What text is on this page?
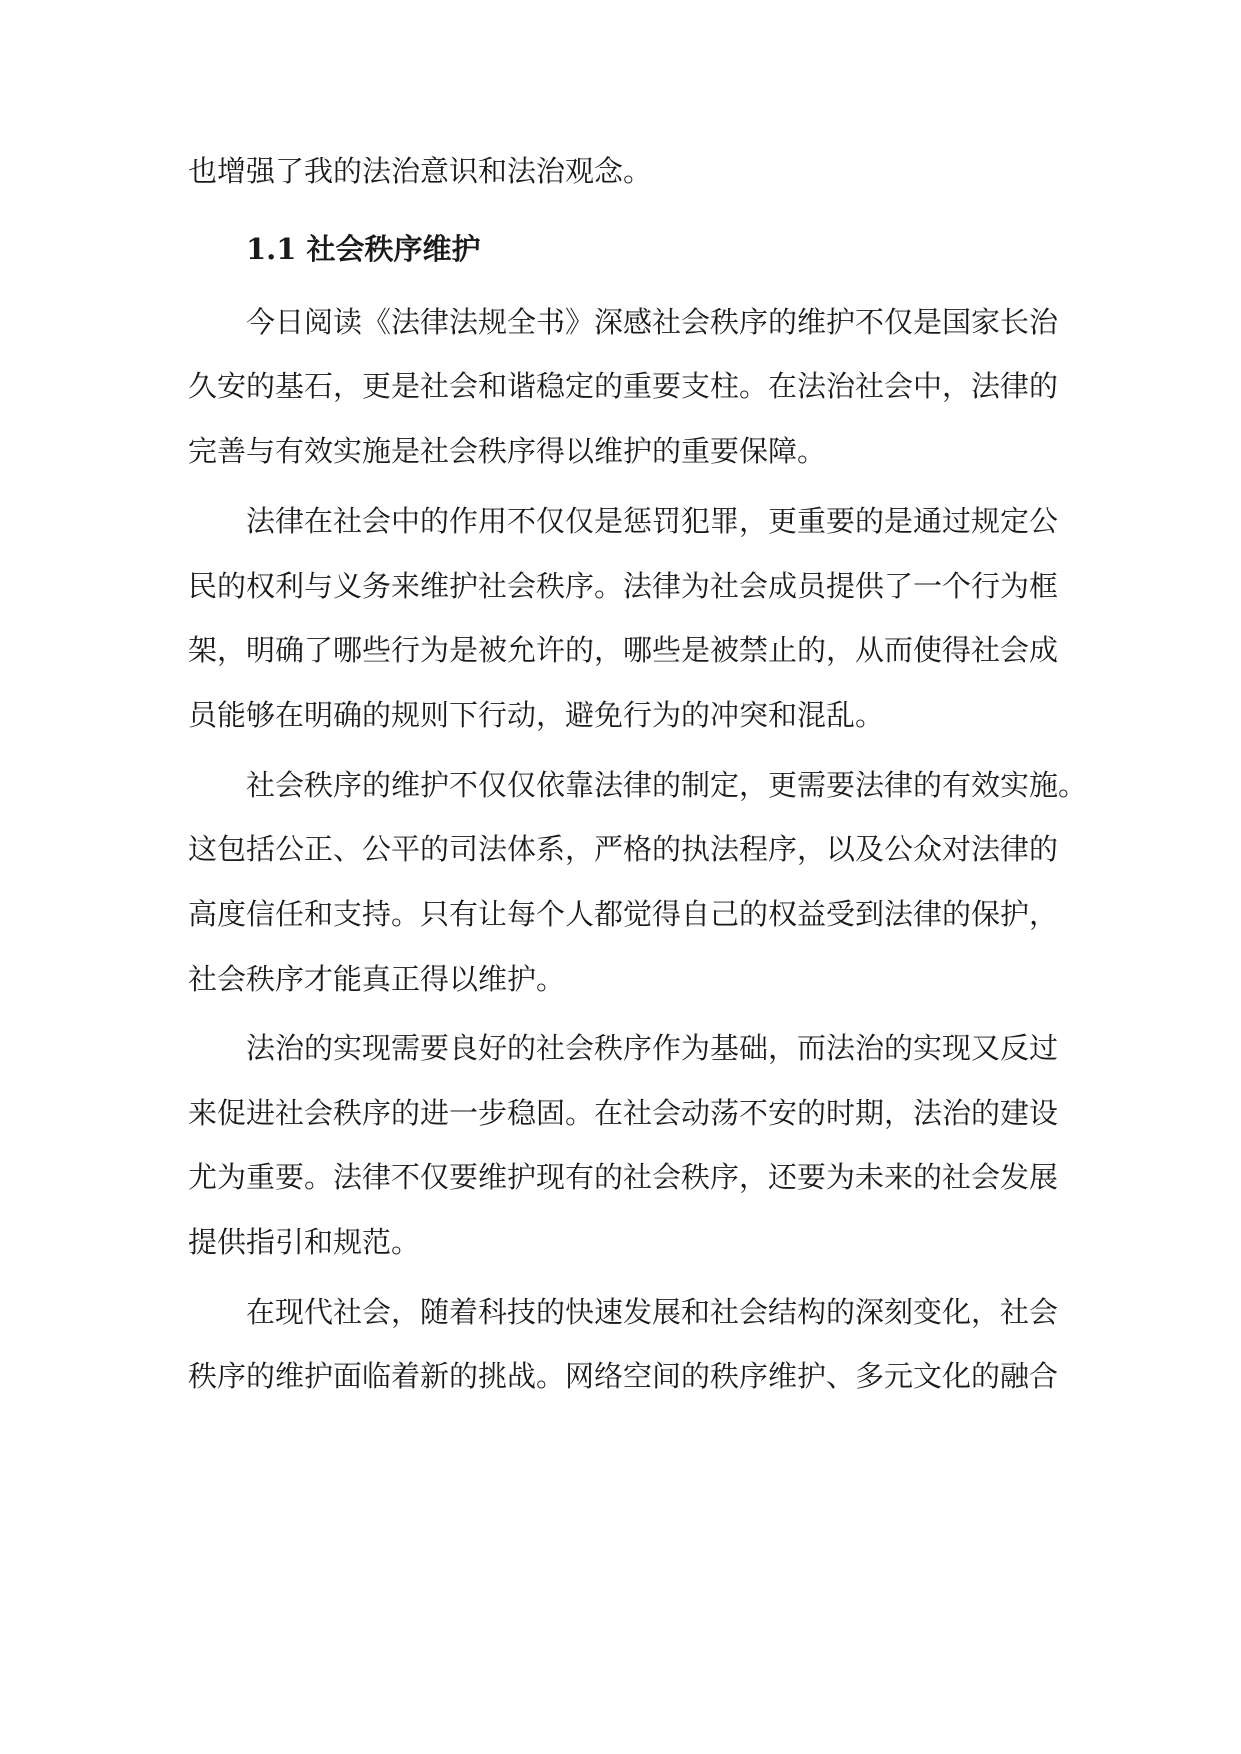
也增强了我的法治意识和法治观念。
1.1 社会秩序维护
今日阅读《法律法规全书》深感社会秩序的维护不仅是国家长治
久安的基石，更是社会和谐稳定的重要支柱。在法治社会中，法律的
完善与有效实施是社会秩序得以维护的重要保障。
法律在社会中的作用不仅仅是惩罚犯罪，更重要的是通过规定公
民的权利与义务来维护社会秩序。法律为社会成员提供了一个行为框
架，明确了哪些行为是被允许的，哪些是被禁止的，从而使得社会成
员能够在明确的规则下行动，避免行为的冲突和混乱。
社会秩序的维护不仅仅依靠法律的制定，更需要法律的有效实施。
这包括公正、公平的司法体系，严格的执法程序，以及公众对法律的
高度信任和支持。只有让每个人都觉得自己的权益受到法律的保护，
社会秩序才能真正得以维护。
法治的实现需要良好的社会秩序作为基础，而法治的实现又反过
来促进社会秩序的进一步稳固。在社会动荡不安的时期，法治的建设
尤为重要。法律不仅要维护现有的社会秩序，还要为未来的社会发展
提供指引和规范。
在现代社会，随着科技的快速发展和社会结构的深刻变化，社会
秩序的维护面临着新的挑战。网络空间的秩序维护、多元文化的融合
